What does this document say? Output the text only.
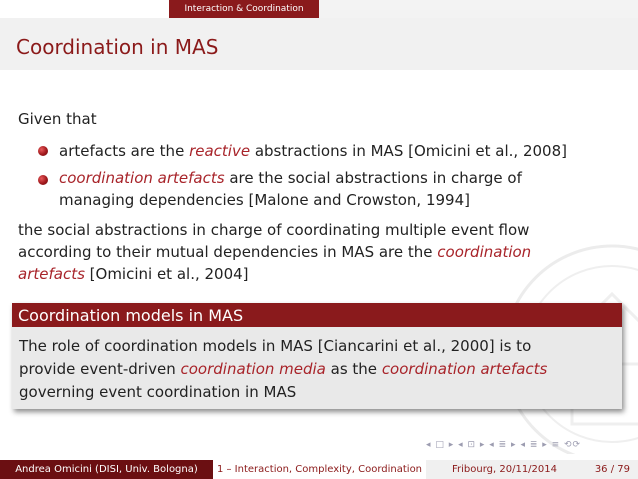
Interaction & Coordination
Coordination in MAS
Given that
artefacts are the reactive abstractions in MAS [Omicini et al., 2008]
coordination artefacts are the social abstractions in charge of
managing dependencies [Malone and Crowston, 1994]
the social abstractions in charge of coordinating multiple event flow
according to their mutual dependencies in MAS are the coordination
artefacts [Omicini et al., 2004]
Coordination models in MAS
The role of coordination models in MAS [Ciancarini et al., 2000] is to
provide event-driven coordination media as the coordination artefacts
governing event coordination in MAS
◂ □ ▸ ◂ ⊡ ▸ ◂ ≣ ▸ ◂ ≣ ▸ ≡ ⟲⟳
Andrea Omicini (DISI, Univ. Bologna)	1 – Interaction, Complexity, Coordination	Fribourg, 20/11/2014	36 / 79
